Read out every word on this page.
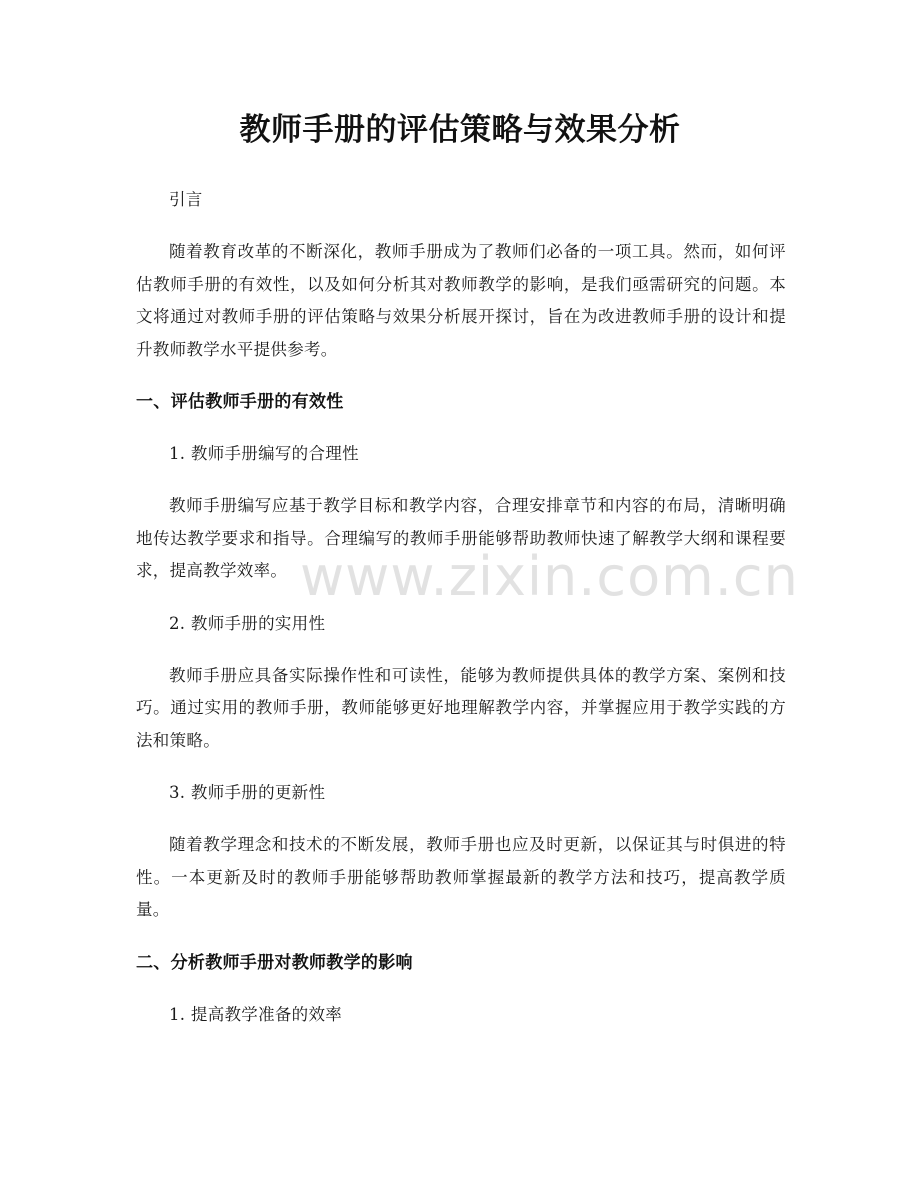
教师手册的评估策略与效果分析

引言

随着教育改革的不断深化，教师手册成为了教师们必备的一项工具。然而，如何评估教师手册的有效性，以及如何分析其对教师教学的影响，是我们亟需研究的问题。本文将通过对教师手册的评估策略与效果分析展开探讨，旨在为改进教师手册的设计和提升教师教学水平提供参考。

一、评估教师手册的有效性

1. 教师手册编写的合理性

教师手册编写应基于教学目标和教学内容，合理安排章节和内容的布局，清晰明确地传达教学要求和指导。合理编写的教师手册能够帮助教师快速了解教学大纲和课程要求，提高教学效率。

2. 教师手册的实用性

教师手册应具备实际操作性和可读性，能够为教师提供具体的教学方案、案例和技巧。通过实用的教师手册，教师能够更好地理解教学内容，并掌握应用于教学实践的方法和策略。

3. 教师手册的更新性

随着教学理念和技术的不断发展，教师手册也应及时更新，以保证其与时俱进的特性。一本更新及时的教师手册能够帮助教师掌握最新的教学方法和技巧，提高教学质量。

二、分析教师手册对教师教学的影响

1. 提高教学准备的效率

www.zixin.com.cn
